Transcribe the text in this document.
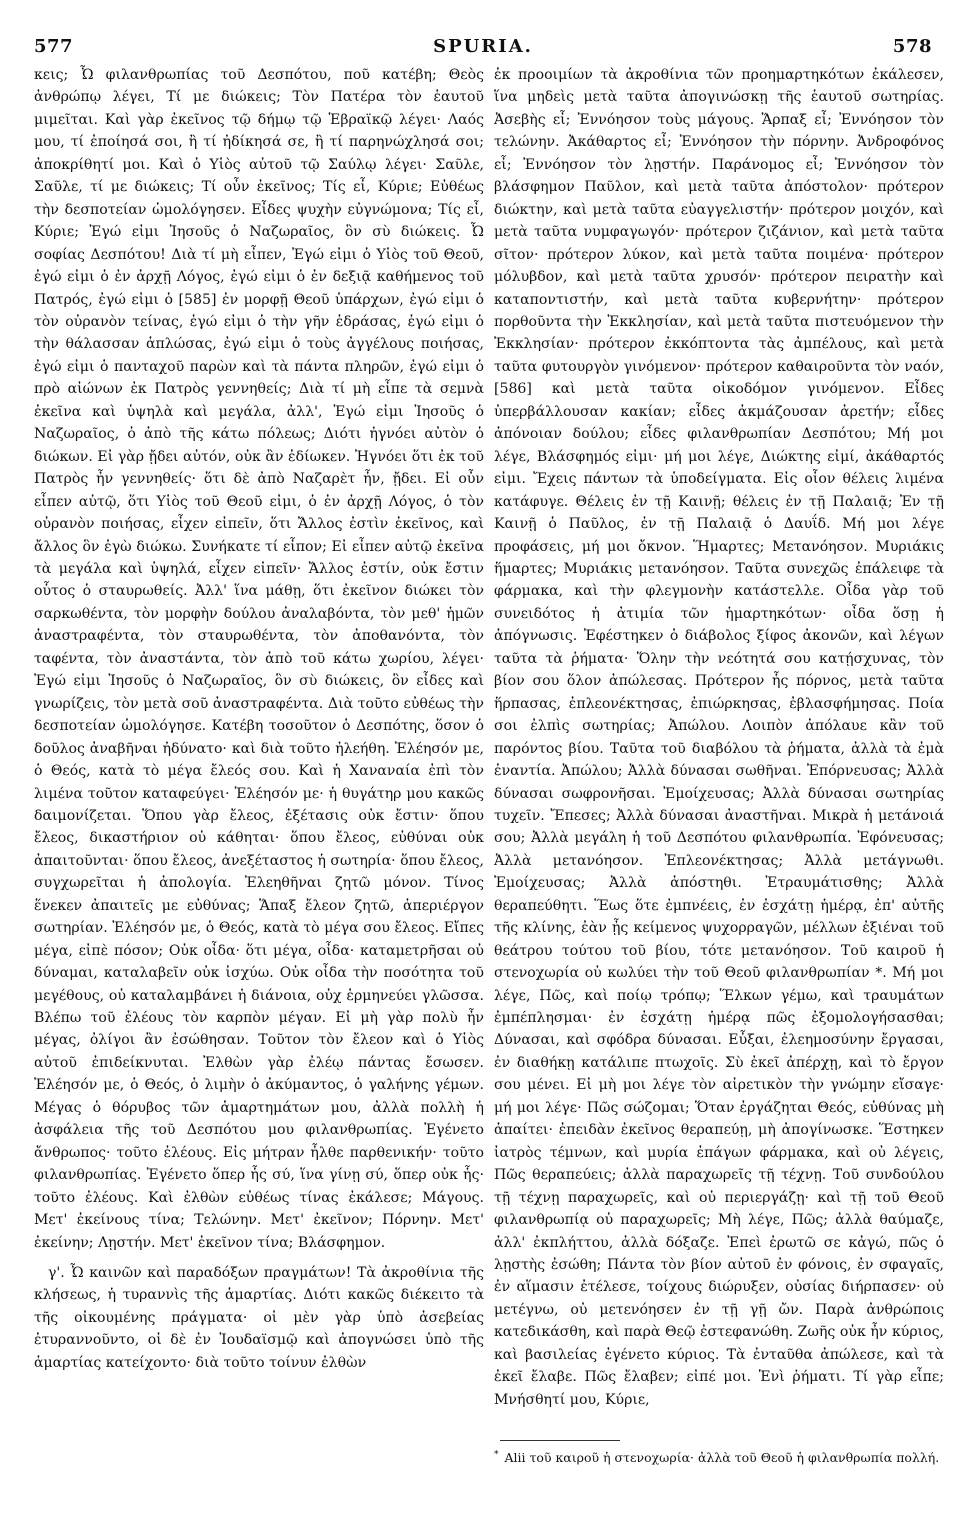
577	SPURIA.	578

κεις; Ὦ φιλανθρωπίας τοῦ Δεσπότου, ποῦ κατέβη; Θεὸς ἀνθρώπῳ λέγει, Τί με διώκεις; Τὸν Πατέρα τὸν ἑαυτοῦ μιμεῖται. Καὶ γὰρ ἐκεῖνος τῷ δήμῳ τῷ Ἑβραϊκῷ λέγει· Λαός μου, τί ἐποίησά σοι, ἢ τί ἠδίκησά σε, ἢ τί παρηνώχλησά σοι; ἀποκρίθητί μοι. Καὶ ὁ Υἱὸς αὐτοῦ τῷ Σαύλῳ λέγει· Σαῦλε, Σαῦλε, τί με διώκεις; Τί οὖν ἐκεῖνος; Τίς εἶ, Κύριε; Εὐθέως τὴν δεσποτείαν ὡμολόγησεν. Εἶδες ψυχὴν εὐγνώμονα; Τίς εἶ, Κύριε; Ἐγώ εἰμι Ἰησοῦς ὁ Ναζωραῖος, ὃν σὺ διώκεις. Ὦ σοφίας Δεσπότου! Διὰ τί μὴ εἶπεν, Ἐγώ εἰμι ὁ Υἱὸς τοῦ Θεοῦ, ἐγώ εἰμι ὁ ἐν ἀρχῇ Λόγος, ἐγώ εἰμι ὁ ἐν δεξιᾷ καθήμενος τοῦ Πατρός, ἐγώ εἰμι ὁ [585] ἐν μορφῇ Θεοῦ ὑπάρχων, ἐγώ εἰμι ὁ τὸν οὐρανὸν τείνας, ἐγώ εἰμι ὁ τὴν γῆν ἑδράσας, ἐγώ εἰμι ὁ τὴν θάλασσαν ἁπλώσας, ἐγώ εἰμι ὁ τοὺς ἀγγέλους ποιήσας, ἐγώ εἰμι ὁ πανταχοῦ παρὼν καὶ τὰ πάντα πληρῶν, ἐγώ εἰμι ὁ πρὸ αἰώνων ἐκ Πατρὸς γεννηθείς; Διὰ τί μὴ εἶπε τὰ σεμνὰ ἐκεῖνα καὶ ὑψηλὰ καὶ μεγάλα, ἀλλ', Ἐγώ εἰμι Ἰησοῦς ὁ Ναζωραῖος, ὁ ἀπὸ τῆς κάτω πόλεως; Διότι ἠγνόει αὐτὸν ὁ διώκων. Εἰ γὰρ ᾔδει αὐτόν, οὐκ ἂν ἐδίωκεν. Ἠγνόει ὅτι ἐκ τοῦ Πατρὸς ἦν γεννηθείς· ὅτι δὲ ἀπὸ Ναζαρὲτ ἦν, ᾔδει. Εἰ οὖν εἶπεν αὐτῷ, ὅτι Υἱὸς τοῦ Θεοῦ εἰμι, ὁ ἐν ἀρχῇ Λόγος, ὁ τὸν οὐρανὸν ποιήσας, εἶχεν εἰπεῖν, ὅτι Ἄλλος ἐστὶν ἐκεῖνος, καὶ ἄλλος ὃν ἐγὼ διώκω. Συνήκατε τί εἶπον; Εἰ εἶπεν αὐτῷ ἐκεῖνα τὰ μεγάλα καὶ ὑψηλά, εἶχεν εἰπεῖν· Ἄλλος ἐστίν, οὐκ ἔστιν οὗτος ὁ σταυρωθείς. Ἀλλ' ἵνα μάθῃ, ὅτι ἐκεῖνον διώκει τὸν σαρκωθέντα, τὸν μορφὴν δούλου ἀναλαβόντα, τὸν μεθ' ἡμῶν ἀναστραφέντα, τὸν σταυρωθέντα, τὸν ἀποθανόντα, τὸν ταφέντα, τὸν ἀναστάντα, τὸν ἀπὸ τοῦ κάτω χωρίου, λέγει· Ἐγώ εἰμι Ἰησοῦς ὁ Ναζωραῖος, ὃν σὺ διώκεις, ὃν εἶδες καὶ γνωρίζεις, τὸν μετὰ σοῦ ἀναστραφέντα. Διὰ τοῦτο εὐθέως τὴν δεσποτείαν ὡμολόγησε. Κατέβη τοσοῦτον ὁ Δεσπότης, ὅσον ὁ δοῦλος ἀναβῆναι ἠδύνατο· καὶ διὰ τοῦτο ἠλεήθη. Ἐλέησόν με, ὁ Θεός, κατὰ τὸ μέγα ἔλεός σου. Καὶ ἡ Χαναναία ἐπὶ τὸν λιμένα τοῦτον καταφεύγει· Ἐλέησόν με· ἡ θυγάτηρ μου κακῶς δαιμονίζεται. Ὅπου γὰρ ἔλεος, ἐξέτασις οὐκ ἔστιν· ὅπου ἔλεος, δικαστήριον οὐ κάθηται· ὅπου ἔλεος, εὐθύναι οὐκ ἀπαιτοῦνται· ὅπου ἔλεος, ἀνεξέταστος ἡ σωτηρία· ὅπου ἔλεος, συγχωρεῖται ἡ ἀπολογία. Ἐλεηθῆναι ζητῶ μόνον. Τίνος ἕνεκεν ἀπαιτεῖς με εὐθύνας; Ἅπαξ ἔλεον ζητῶ, ἀπεριέργον σωτηρίαν. Ἐλέησόν με, ὁ Θεός, κατὰ τὸ μέγα σου ἔλεος. Εἴπες μέγα, εἰπὲ πόσον; Οὐκ οἶδα· ὅτι μέγα, οἶδα· καταμετρῆσαι οὐ δύναμαι, καταλαβεῖν οὐκ ἰσχύω. Οὐκ οἶδα τὴν ποσότητα τοῦ μεγέθους, οὐ καταλαμβάνει ἡ διάνοια, οὐχ ἑρμηνεύει γλῶσσα. Βλέπω τοῦ ἐλέους τὸν καρπὸν μέγαν. Εἰ μὴ γὰρ πολὺ ἦν μέγας, ὀλίγοι ἂν ἐσώθησαν. Τοῦτον τὸν ἔλεον καὶ ὁ Υἱὸς αὐτοῦ ἐπιδείκνυται. Ἐλθὼν γὰρ ἐλέῳ πάντας ἔσωσεν. Ἐλέησόν με, ὁ Θεός, ὁ λιμὴν ὁ ἀκύμαντος, ὁ γαλήνης γέμων. Μέγας ὁ θόρυβος τῶν ἁμαρτημάτων μου, ἀλλὰ πολλὴ ἡ ἀσφάλεια τῆς τοῦ Δεσπότου μου φιλανθρωπίας. Ἐγένετο ἄνθρωπος· τοῦτο ἐλέους. Εἰς μήτραν ἦλθε παρθενικήν· τοῦτο φιλανθρωπίας. Ἐγένετο ὅπερ ἧς σύ, ἵνα γίνῃ σύ, ὅπερ οὐκ ἧς· τοῦτο ἐλέους. Καὶ ἐλθὼν εὐθέως τίνας ἐκάλεσε; Μάγους. Μετ' ἐκείνους τίνα; Τελώνην. Μετ' ἐκεῖνον; Πόρνην. Μετ' ἐκείνην; Λῃστήν. Μετ' ἐκεῖνον τίνα; Βλάσφημον.

γ'. Ὦ καινῶν καὶ παραδόξων πραγμάτων! Τὰ ἀκροθίνια τῆς κλήσεως, ἡ τυραννὶς τῆς ἁμαρτίας. Διότι κακῶς διέκειτο τὰ τῆς οἰκουμένης πράγματα· οἱ μὲν γὰρ ὑπὸ ἀσεβείας ἐτυραννοῦντο, οἱ δὲ ἐν Ἰουδαϊσμῷ καὶ ἀπογνώσει ὑπὸ τῆς ἁμαρτίας κατείχοντο· διὰ τοῦτο τοίνυν ἐλθὼν

ἐκ προοιμίων τὰ ἀκροθίνια τῶν προημαρτηκότων ἐκάλεσεν, ἵνα μηδεὶς μετὰ ταῦτα ἀπογινώσκῃ τῆς ἑαυτοῦ σωτηρίας. Ἀσεβὴς εἶ; Ἐννόησον τοὺς μάγους. Ἅρπαξ εἶ; Ἐννόησον τὸν τελώνην. Ἀκάθαρτος εἶ; Ἐννόησον τὴν πόρνην. Ἀνδροφόνος εἶ; Ἐννόησον τὸν λῃστήν. Παράνομος εἶ; Ἐννόησον τὸν βλάσφημον Παῦλον, καὶ μετὰ ταῦτα ἀπόστολον· πρότερον διώκτην, καὶ μετὰ ταῦτα εὐαγγελιστήν· πρότερον μοιχόν, καὶ μετὰ ταῦτα νυμφαγωγόν· πρότερον ζιζάνιον, καὶ μετὰ ταῦτα σῖτον· πρότερον λύκον, καὶ μετὰ ταῦτα ποιμένα· πρότερον μόλυβδον, καὶ μετὰ ταῦτα χρυσόν· πρότερον πειρατὴν καὶ καταποντιστήν, καὶ μετὰ ταῦτα κυβερνήτην· πρότερον πορθοῦντα τὴν Ἐκκλησίαν, καὶ μετὰ ταῦτα πιστευόμενον τὴν Ἐκκλησίαν· πρότερον ἐκκόπτοντα τὰς ἀμπέλους, καὶ μετὰ ταῦτα φυτουργὸν γινόμενον· πρότερον καθαιροῦντα τὸν ναόν, [586] καὶ μετὰ ταῦτα οἰκοδόμον γινόμενον. Εἶδες ὑπερβάλλουσαν κακίαν; εἶδες ἀκμάζουσαν ἀρετήν; εἶδες ἀπόνοιαν δούλου; εἶδες φιλανθρωπίαν Δεσπότου; Μή μοι λέγε, Βλάσφημός εἰμι· μή μοι λέγε, Διώκτης εἰμί, ἀκάθαρτός εἰμι. Ἔχεις πάντων τὰ ὑποδείγματα. Εἰς οἷον θέλεις λιμένα κατάφυγε. Θέλεις ἐν τῇ Καινῇ; θέλεις ἐν τῇ Παλαιᾷ; Ἐν τῇ Καινῇ ὁ Παῦλος, ἐν τῇ Παλαιᾷ ὁ Δαυΐδ. Μή μοι λέγε προφάσεις, μή μοι ὄκνον. Ἥμαρτες; Μετανόησον. Μυριάκις ἥμαρτες; Μυριάκις μετανόησον. Ταῦτα συνεχῶς ἐπάλειφε τὰ φάρμακα, καὶ τὴν φλεγμονὴν κατάστελλε. Οἶδα γὰρ τοῦ συνειδότος ἡ ἀτιμία τῶν ἡμαρτηκότων· οἶδα ὅσῃ ἡ ἀπόγνωσις. Ἐφέστηκεν ὁ διάβολος ξίφος ἀκονῶν, καὶ λέγων ταῦτα τὰ ῥήματα· Ὅλην τὴν νεότητά σου κατῄσχυνας, τὸν βίον σου ὅλον ἀπώλεσας. Πρότερον ἧς πόρνος, μετὰ ταῦτα ἥρπασας, ἐπλεονέκτησας, ἐπιώρκησας, ἐβλασφήμησας. Ποία σοι ἐλπὶς σωτηρίας; Ἀπώλου. Λοιπὸν ἀπόλαυε κἂν τοῦ παρόντος βίου. Ταῦτα τοῦ διαβόλου τὰ ῥήματα, ἀλλὰ τὰ ἐμὰ ἐναντία. Ἀπώλου; Ἀλλὰ δύνασαι σωθῆναι. Ἐπόρνευσας; Ἀλλὰ δύνασαι σωφρονῆσαι. Ἐμοίχευσας; Ἀλλὰ δύνασαι σωτηρίας τυχεῖν. Ἔπεσες; Ἀλλὰ δύνασαι ἀναστῆναι. Μικρὰ ἡ μετάνοιά σου; Ἀλλὰ μεγάλη ἡ τοῦ Δεσπότου φιλανθρωπία. Ἐφόνευσας; Ἀλλὰ μετανόησον. Ἐπλεονέκτησας; Ἀλλὰ μετάγνωθι. Ἐμοίχευσας; Ἀλλὰ ἀπόστηθι. Ἐτραυμάτισθης; Ἀλλὰ θεραπεύθητι. Ἕως ὅτε ἐμπνέεις, ἐν ἐσχάτῃ ἡμέρᾳ, ἐπ' αὐτῆς τῆς κλίνης, ἐὰν ᾖς κείμενος ψυχορραγῶν, μέλλων ἐξιέναι τοῦ θεάτρου τούτου τοῦ βίου, τότε μετανόησον. Τοῦ καιροῦ ἡ στενοχωρία οὐ κωλύει τὴν τοῦ Θεοῦ φιλανθρωπίαν *. Μή μοι λέγε, Πῶς, καὶ ποίῳ τρόπῳ; Ἕλκων γέμω, καὶ τραυμάτων ἐμπέπλησμαι· ἐν ἐσχάτῃ ἡμέρᾳ πῶς ἐξομολογήσασθαι; Δύνασαι, καὶ σφόδρα δύνασαι. Εὖξαι, ἐλεημοσύνην ἔργασαι, ἐν διαθήκῃ κατάλιπε πτωχοῖς. Σὺ ἐκεῖ ἀπέρχῃ, καὶ τὸ ἔργον σου μένει. Εἰ μὴ μοι λέγε τὸν αἰρετικὸν τὴν γνώμην εἴσαγε· μή μοι λέγε· Πῶς σώζομαι; Ὅταν ἐργάζηται Θεός, εὐθύνας μὴ ἀπαίτει· ἐπειδὰν ἐκεῖνος θεραπεύῃ, μὴ ἀπογίνωσκε. Ἕστηκεν ἰατρὸς τέμνων, καὶ μυρία ἐπάγων φάρμακα, καὶ οὐ λέγεις, Πῶς θεραπεύεις; ἀλλὰ παραχωρεῖς τῇ τέχνῃ. Τοῦ συνδούλου τῇ τέχνῃ παραχωρεῖς, καὶ οὐ περιεργάζῃ· καὶ τῇ τοῦ Θεοῦ φιλανθρωπίᾳ οὐ παραχωρεῖς; Μὴ λέγε, Πῶς; ἀλλὰ θαύμαζε, ἀλλ' ἐκπλήττου, ἀλλὰ δόξαζε. Ἐπεὶ ἐρωτῶ σε κἀγώ, πῶς ὁ λῃστὴς ἐσώθη; Πάντα τὸν βίον αὐτοῦ ἐν φόνοις, ἐν σφαγαῖς, ἐν αἵμασιν ἐτέλεσε, τοίχους διώρυξεν, οὐσίας διήρπασεν· οὐ μετέγνω, οὐ μετενόησεν ἐν τῇ γῇ ὤν. Παρὰ ἀνθρώποις κατεδικάσθη, καὶ παρὰ Θεῷ ἐστεφανώθη. Ζωῆς οὐκ ἦν κύριος, καὶ βασιλείας ἐγένετο κύριος. Τὰ ἐνταῦθα ἀπώλεσε, καὶ τὰ ἐκεῖ ἔλαβε. Πῶς ἔλαβεν; εἰπέ μοι. Ἑνὶ ῥήματι. Τί γὰρ εἶπε; Μνήσθητί μου, Κύριε,

* Alii τοῦ καιροῦ ἡ στενοχωρία· ἀλλὰ τοῦ Θεοῦ ἡ φιλανθρωπία πολλή.
